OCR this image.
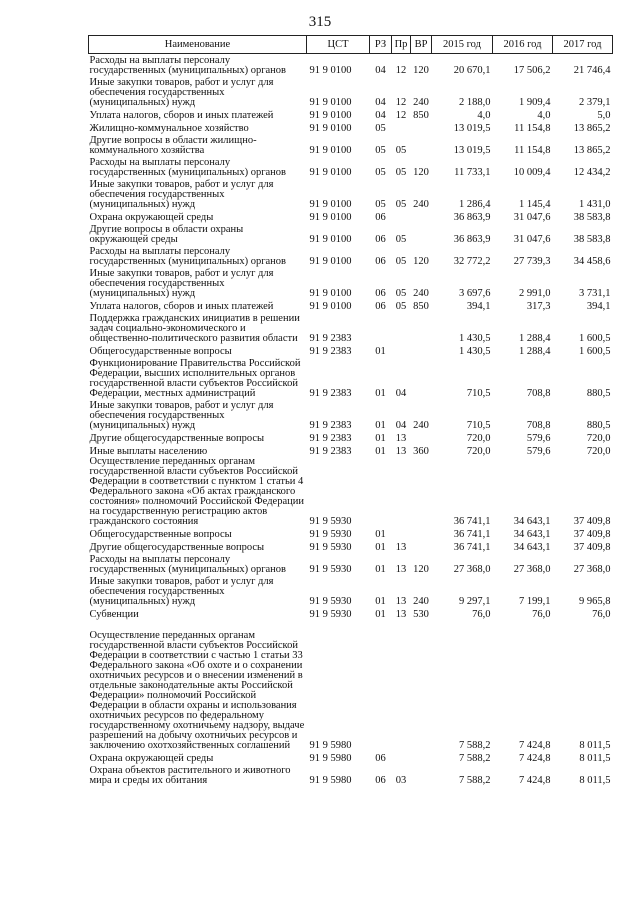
315
Наименование	ЦСТ	РЗ	Пр	ВР	2015 год	2016 год	2017 год
Расходы на выплаты персоналу государственных (муниципальных) органов	91 9 0100	04	12	120	20 670,1	17 506,2	21 746,4
Иные закупки товаров, работ и услуг для обеспечения государственных (муниципальных) нужд	91 9 0100	04	12	240	2 188,0	1 909,4	2 379,1
Уплата налогов, сборов и иных платежей	91 9 0100	04	12	850	4,0	4,0	5,0
Жилищно-коммунальное хозяйство	91 9 0100	05			13 019,5	11 154,8	13 865,2
Другие вопросы в области жилищно-коммунального хозяйства	91 9 0100	05	05		13 019,5	11 154,8	13 865,2
Расходы на выплаты персоналу государственных (муниципальных) органов	91 9 0100	05	05	120	11 733,1	10 009,4	12 434,2
Иные закупки товаров, работ и услуг для обеспечения государственных (муниципальных) нужд	91 9 0100	05	05	240	1 286,4	1 145,4	1 431,0
Охрана окружающей среды	91 9 0100	06			36 863,9	31 047,6	38 583,8
Другие вопросы в области охраны окружающей среды	91 9 0100	06	05		36 863,9	31 047,6	38 583,8
Расходы на выплаты персоналу государственных (муниципальных) органов	91 9 0100	06	05	120	32 772,2	27 739,3	34 458,6
Иные закупки товаров, работ и услуг для обеспечения государственных (муниципальных) нужд	91 9 0100	06	05	240	3 697,6	2 991,0	3 731,1
Уплата налогов, сборов и иных платежей	91 9 0100	06	05	850	394,1	317,3	394,1
Поддержка гражданских инициатив в решении задач социально-экономического и общественно-политического развития области	91 9 2383				1 430,5	1 288,4	1 600,5
Общегосударственные вопросы	91 9 2383	01			1 430,5	1 288,4	1 600,5
Функционирование Правительства Российской Федерации, высших исполнительных органов государственной власти субъектов Российской Федерации, местных администраций	91 9 2383	01	04		710,5	708,8	880,5
Иные закупки товаров, работ и услуг для обеспечения государственных (муниципальных) нужд	91 9 2383	01	04	240	710,5	708,8	880,5
Другие общегосударственные вопросы	91 9 2383	01	13		720,0	579,6	720,0
Иные выплаты населению	91 9 2383	01	13	360	720,0	579,6	720,0
Осуществление переданных органам государственной власти субъектов Российской Федерации в соответствии с пунктом 1 статьи 4 Федерального закона «Об актах гражданского состояния» полномочий Российской Федерации на государственную регистрацию актов гражданского состояния	91 9 5930				36 741,1	34 643,1	37 409,8
Общегосударственные вопросы	91 9 5930	01			36 741,1	34 643,1	37 409,8
Другие общегосударственные вопросы	91 9 5930	01	13		36 741,1	34 643,1	37 409,8
Расходы на выплаты персоналу государственных (муниципальных) органов	91 9 5930	01	13	120	27 368,0	27 368,0	27 368,0
Иные закупки товаров, работ и услуг для обеспечения государственных (муниципальных) нужд	91 9 5930	01	13	240	9 297,1	7 199,1	9 965,8
Субвенции	91 9 5930	01	13	530	76,0	76,0	76,0
Осуществление переданных органам государственной власти субъектов Российской Федерации в соответствии с частью 1 статьи 33 Федерального закона «Об охоте и о сохранении охотничьих ресурсов и о внесении изменений в отдельные законодательные акты Российской Федерации» полномочий Российской Федерации в области охраны и использования охотничьих ресурсов по федеральному государственному охотничьему надзору, выдаче разрешений на добычу охотничьих ресурсов и заключению охотхозяйственных соглашений	91 9 5980				7 588,2	7 424,8	8 011,5
Охрана окружающей среды	91 9 5980	06			7 588,2	7 424,8	8 011,5
Охрана объектов растительного и животного мира и среды их обитания	91 9 5980	06	03		7 588,2	7 424,8	8 011,5
